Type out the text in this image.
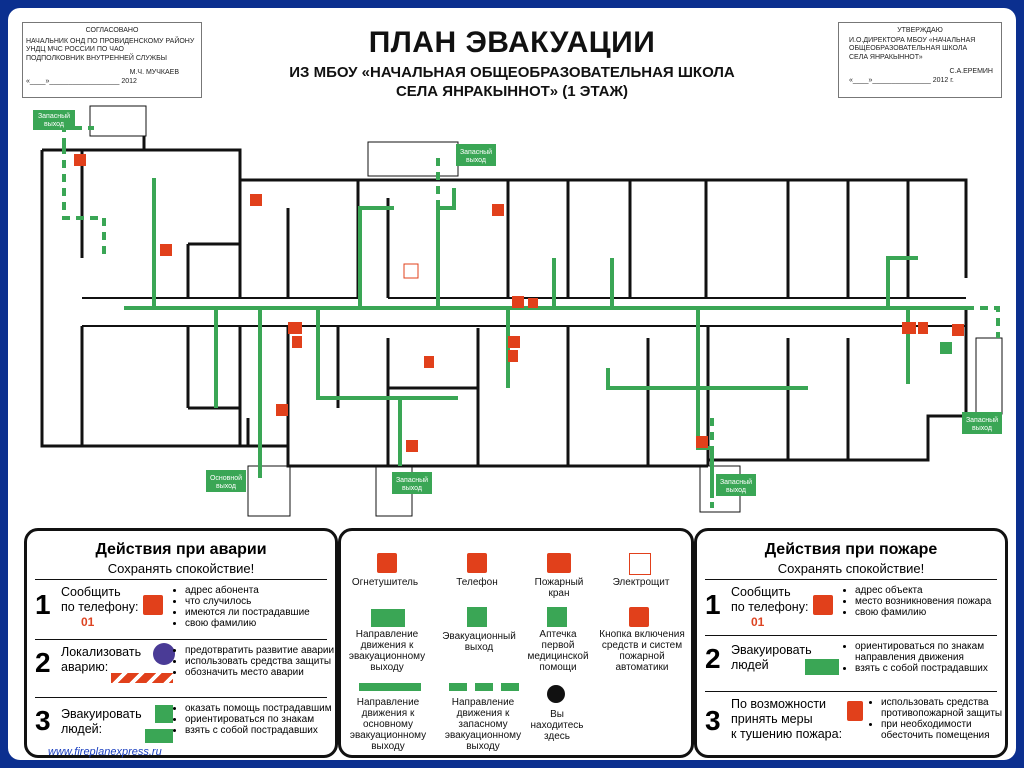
СОГЛАСОВАНО
НАЧАЛЬНИК ОНД ПО ПРОВИДЕНСКОМУ РАЙОНУ
УНДЦ МЧС РОССИИ ПО ЧАО
ПОДПОЛКОВНИК ВНУТРЕННЕЙ СЛУЖБЫ
М.Ч. МУЧКАЕВ
«____»__________________ 2012
УТВЕРЖДАЮ
И.О.ДИРЕКТОРА МБОУ «НАЧАЛЬНАЯ
ОБЩЕОБРАЗОВАТЕЛЬНАЯ ШКОЛА
СЕЛА ЯНРАКЫННОТ»
С.А.ЕРЕМИН
«____»_______________ 2012 г.
ПЛАН ЭВАКУАЦИИ
ИЗ МБОУ «НАЧАЛЬНАЯ ОБЩЕОБРАЗОВАТЕЛЬНАЯ ШКОЛА
СЕЛА ЯНРАКЫННОТ» (1 ЭТАЖ)
Запасный
выход
Запасный
выход
Основной
выход
Запасный
выход
Запасный
выход
Запасный
выход
Действия при аварии
Сохранять спокойствие!
1 Сообщить
по телефону:
01
• адрес абонента
• что случилось
• имеются ли пострадавшие
• свою фамилию
2 Локализовать
аварию:
• предотвратить развитие аварии
• использовать средства защиты
• обозначить место аварии
3 Эвакуировать
людей:
• оказать помощь пострадавшим
• ориентироваться по знакам
• взять с собой пострадавших
Огнетушитель	Телефон	Пожарный
кран
Электрощит
Направление
движения к
эвакуационному
выходу
Эвакуационный
выход
Аптечка
первой
медицинской
помощи
Кнопка включения
средств и систем
пожарной
автоматики
Направление
движения к
основному
эвакуационному
выходу
Направление
движения к
запасному
эвакуационному
выходу
Вы
находитесь
здесь
Действия при пожаре
Сохранять спокойствие!
1 Сообщить
по телефону:
01
• адрес объекта
• место возникновения пожара
• свою фамилию
2 Эвакуировать
людей
• ориентироваться по знакам направления движения
• взять с собой пострадавших
3
По возможности
принять меры
к тушению пожара:
• использовать средства противопожарной защиты
• при необходимости обесточить помещения
www.fireplanexpress.ru
